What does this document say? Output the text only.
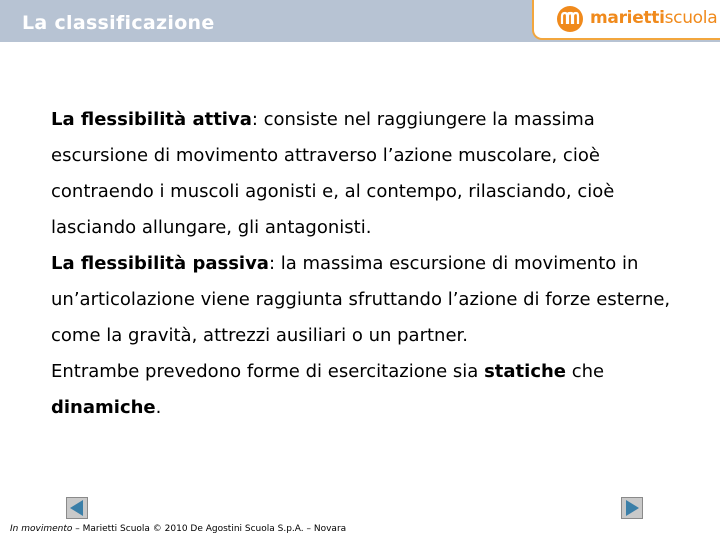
La classificazione	mariettiscuola

La flessibilità attiva: consiste nel raggiungere la massima escursione di movimento attraverso l’azione muscolare, cioè contraendo i muscoli agonisti e, al contempo, rilasciando, cioè lasciando allungare, gli antagonisti.

La flessibilità passiva: la massima escursione di movimento in un’articolazione viene raggiunta sfruttando l’azione di forze esterne, come la gravità, attrezzi ausiliari o un partner.

Entrambe prevedono forme di esercitazione sia statiche che dinamiche.

In movimento – Marietti Scuola © 2010 De Agostini Scuola S.p.A. – Novara
